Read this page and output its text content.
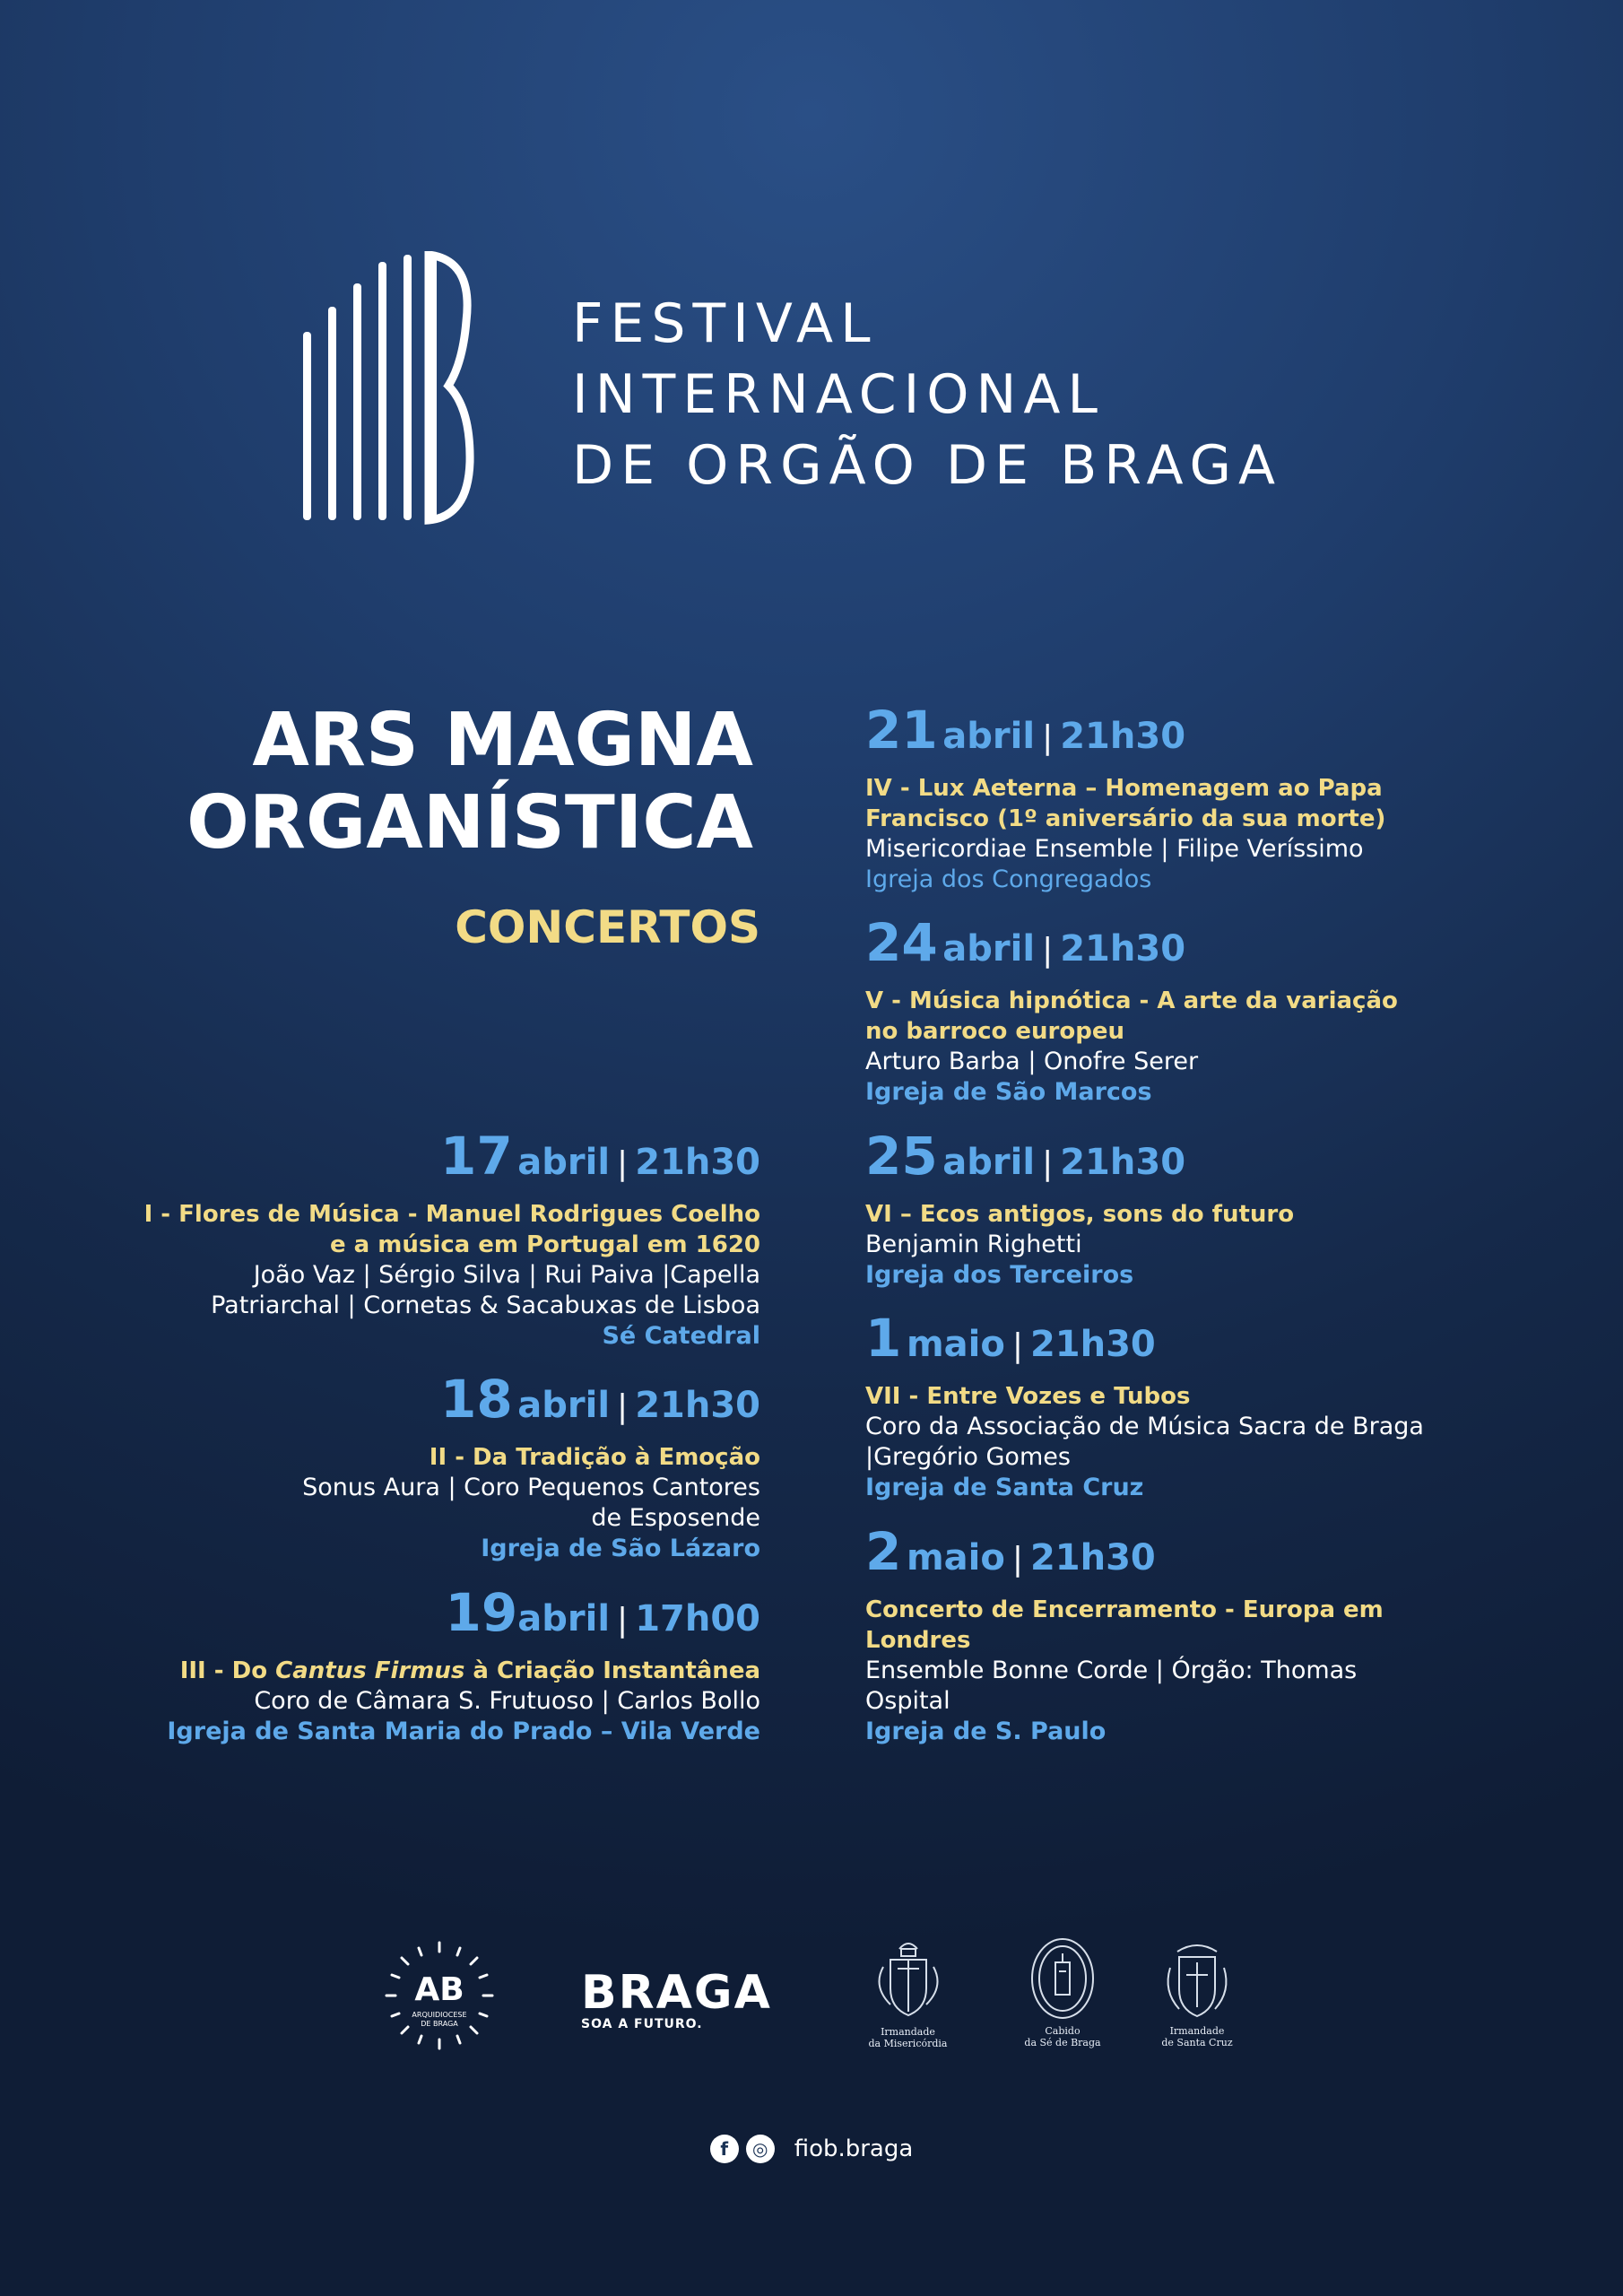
FESTIVAL
INTERNACIONAL
DE ORGÃO DE BRAGA
ARS MAGNA
ORGANÍSTICA
CONCERTOS
17 abril | 21h30
I - Flores de Música - Manuel Rodrigues Coelho
e a música em Portugal em 1620
João Vaz | Sérgio Silva | Rui Paiva |Capella
Patriarchal | Cornetas & Sacabuxas de Lisboa
Sé Catedral
18 abril | 21h30
II - Da Tradição à Emoção
Sonus Aura | Coro Pequenos Cantores
de Esposende
Igreja de São Lázaro
19abril | 17h00
III - Do Cantus Firmus à Criação Instantânea
Coro de Câmara S. Frutuoso | Carlos Bollo
Igreja de Santa Maria do Prado – Vila Verde
21 abril | 21h30
IV - Lux Aeterna – Homenagem ao Papa
Francisco (1º aniversário da sua morte)
Misericordiae Ensemble | Filipe Veríssimo
Igreja dos Congregados
24 abril | 21h30
V - Música hipnótica - A arte da variação
no barroco europeu
Arturo Barba | Onofre Serer
Igreja de São Marcos
25 abril | 21h30
VI – Ecos antigos, sons do futuro
Benjamin Righetti
Igreja dos Terceiros
1 maio | 21h30
VII - Entre Vozes e Tubos
Coro da Associação de Música Sacra de Braga
|Gregório Gomes
Igreja de Santa Cruz
2 maio | 21h30
Concerto de Encerramento - Europa em
Londres
Ensemble Bonne Corde | Órgão: Thomas
Ospital
Igreja de S. Paulo
AB
ARQUIDIOCESE
DE BRAGA
BRAGA
SOA A FUTURO.
Irmandade
da Misericórdia
Cabido
da Sé de Braga
Irmandade
de Santa Cruz
f ◎ fiob.braga
